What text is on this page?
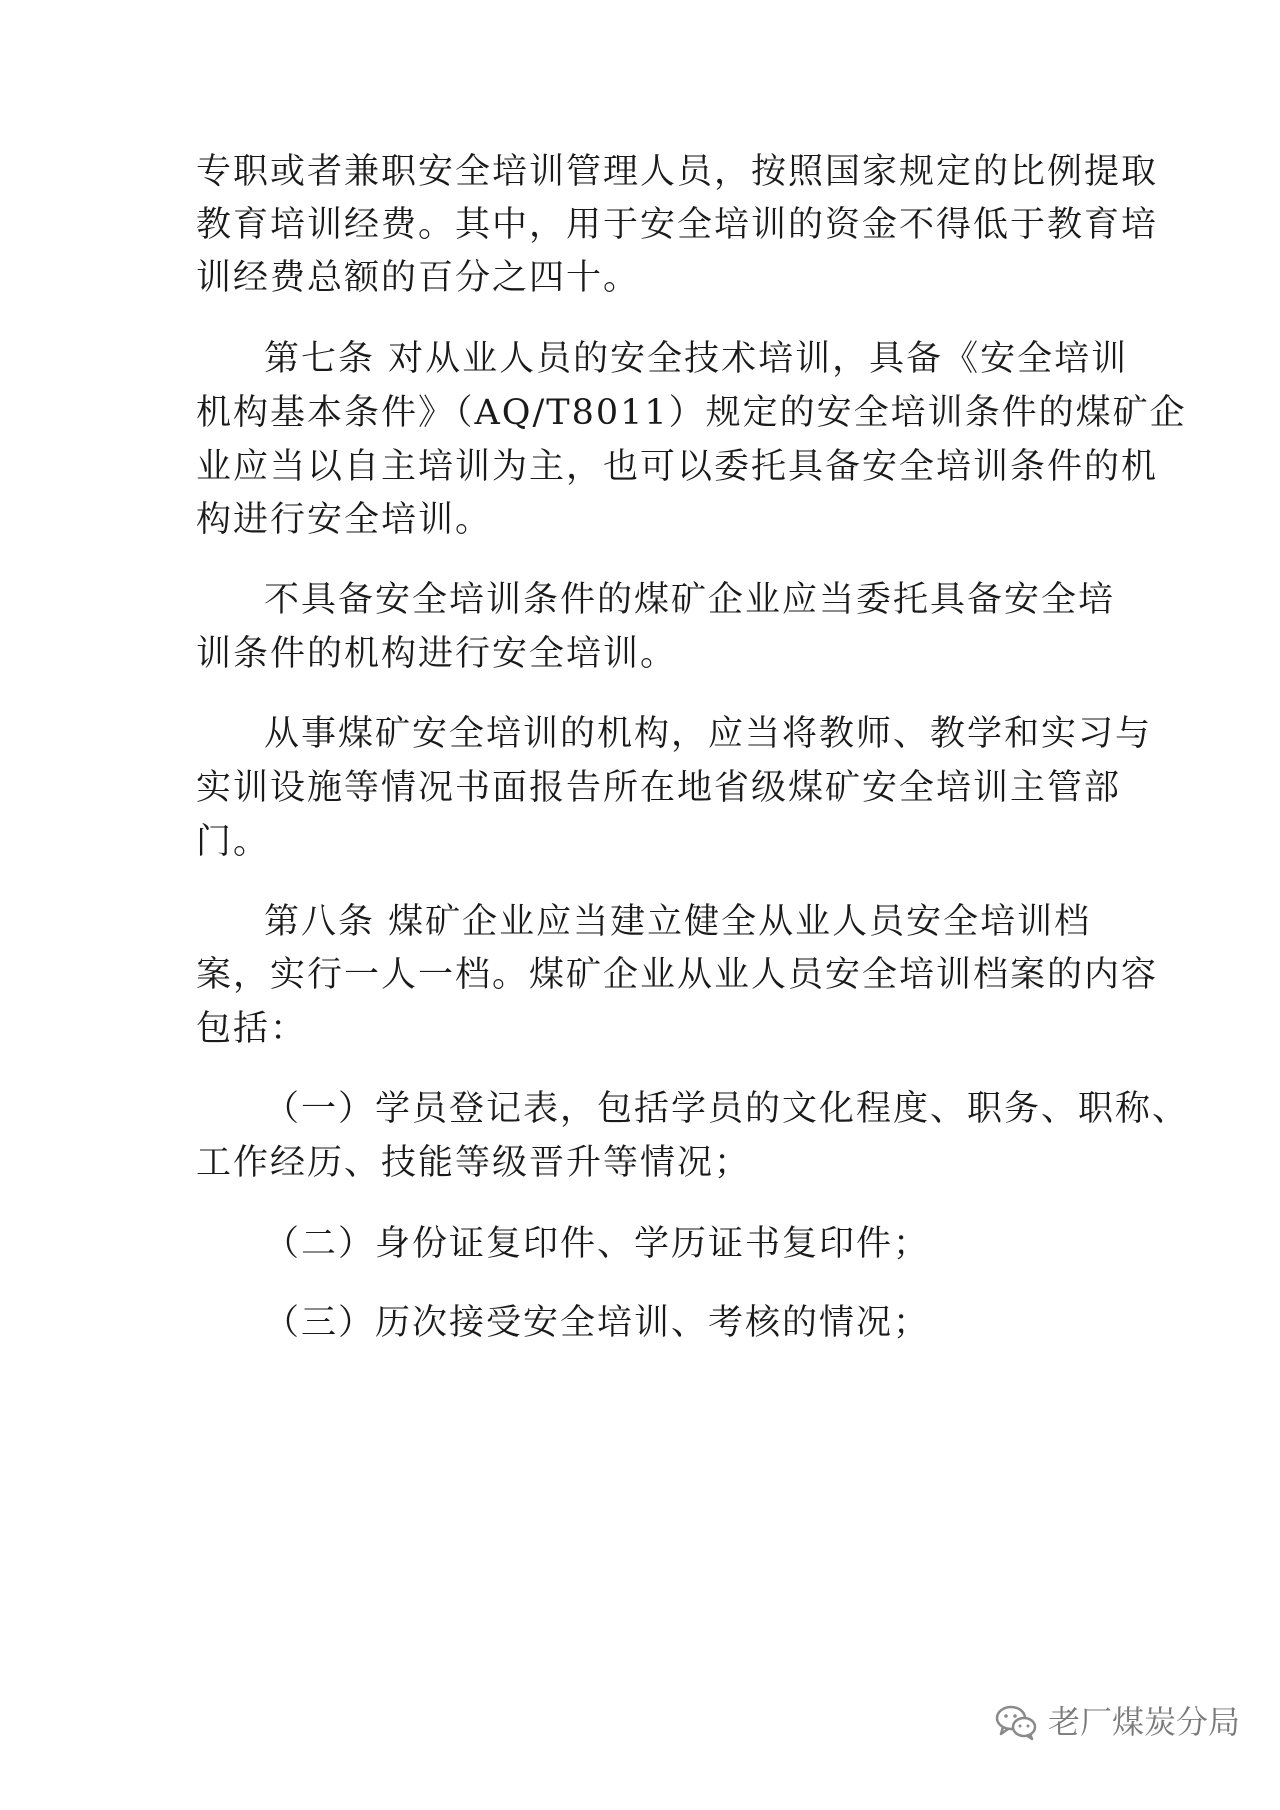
专职或者兼职安全培训管理人员，按照国家规定的比例提取
教育培训经费。其中，用于安全培训的资金不得低于教育培
训经费总额的百分之四十。
第七条 对从业人员的安全技术培训，具备《安全培训
机构基本条件》（AQ/T8011）规定的安全培训条件的煤矿企
业应当以自主培训为主，也可以委托具备安全培训条件的机
构进行安全培训。
不具备安全培训条件的煤矿企业应当委托具备安全培
训条件的机构进行安全培训。
从事煤矿安全培训的机构，应当将教师、教学和实习与
实训设施等情况书面报告所在地省级煤矿安全培训主管部
门。
第八条 煤矿企业应当建立健全从业人员安全培训档
案，实行一人一档。煤矿企业从业人员安全培训档案的内容
包括：
（一）学员登记表，包括学员的文化程度、职务、职称、
工作经历、技能等级晋升等情况；
（二）身份证复印件、学历证书复印件；
（三）历次接受安全培训、考核的情况；
老厂煤炭分局
